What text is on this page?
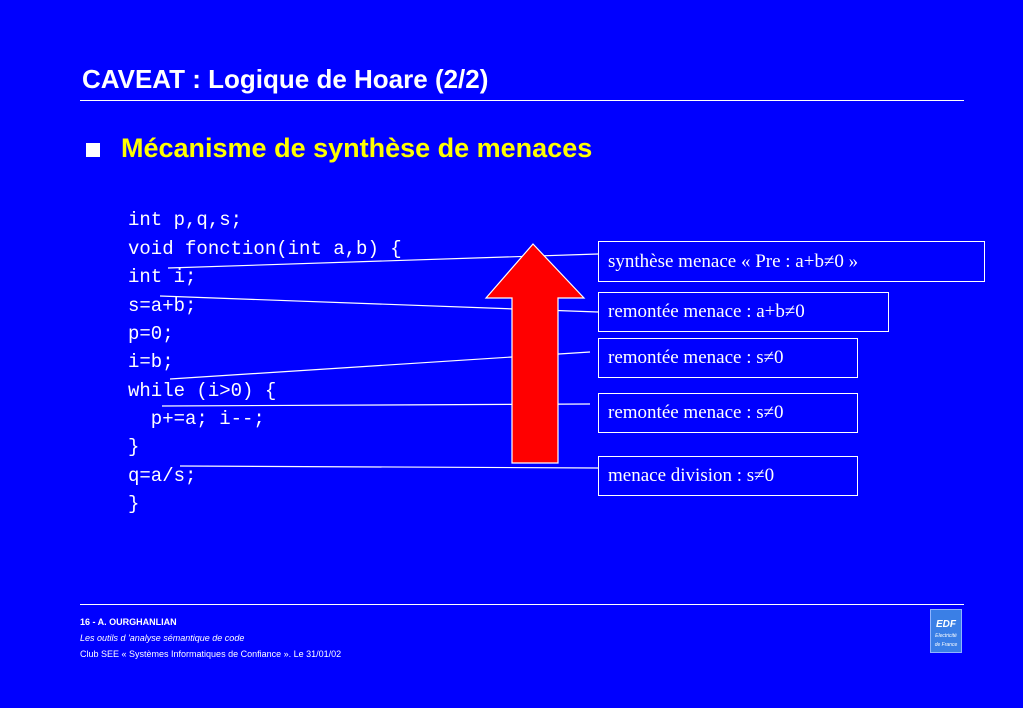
CAVEAT : Logique de Hoare (2/2)
Mécanisme de synthèse de menaces
int p,q,s;
void fonction(int a,b) {
int i;
s=a+b;
p=0;
i=b;
while (i>0) {
p+=a; i--;
}
q=a/s;
}
synthèse menace « Pre : a+b≠0 »
remontée menace : a+b≠0
remontée menace : s≠0
remontée menace : s≠0
menace division : s≠0
16 - A. OURGHANLIAN
Les outils d 'analyse sémantique de code
Club SEE « Systèmes Informatiques de Confiance ». Le 31/01/02
EDF
Electricité
de France
